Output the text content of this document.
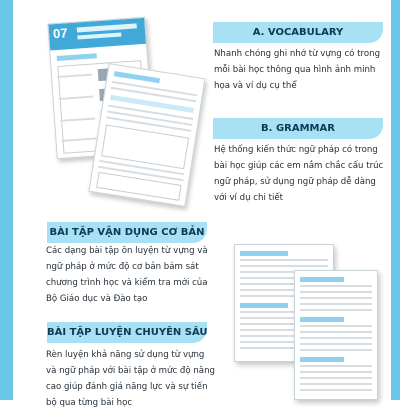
07	A. VOCABULARY
Nhanh chóng ghi nhớ từ vựng có trong mỗi bài học thông qua hình ảnh minh họa và ví dụ cụ thể
B. GRAMMAR
Hệ thống kiến thức ngữ pháp có trong bài học giúp các em nắm chắc cấu trúc ngữ pháp, sử dụng ngữ pháp dễ dàng với ví dụ chi tiết
BÀI TẬP VẬN DỤNG CƠ BẢN
Các dạng bài tập ôn luyện từ vựng và ngữ pháp ở mức độ cơ bản bám sát chương trình học và kiểm tra mới của Bộ Giáo dục và Đào tạo
BÀI TẬP LUYỆN CHUYÊN SÂU
Rèn luyện khả năng sử dụng từ vựng và ngữ pháp với bài tập ở mức độ nâng cao giúp đánh giá năng lực và sự tiến bộ qua từng bài học
